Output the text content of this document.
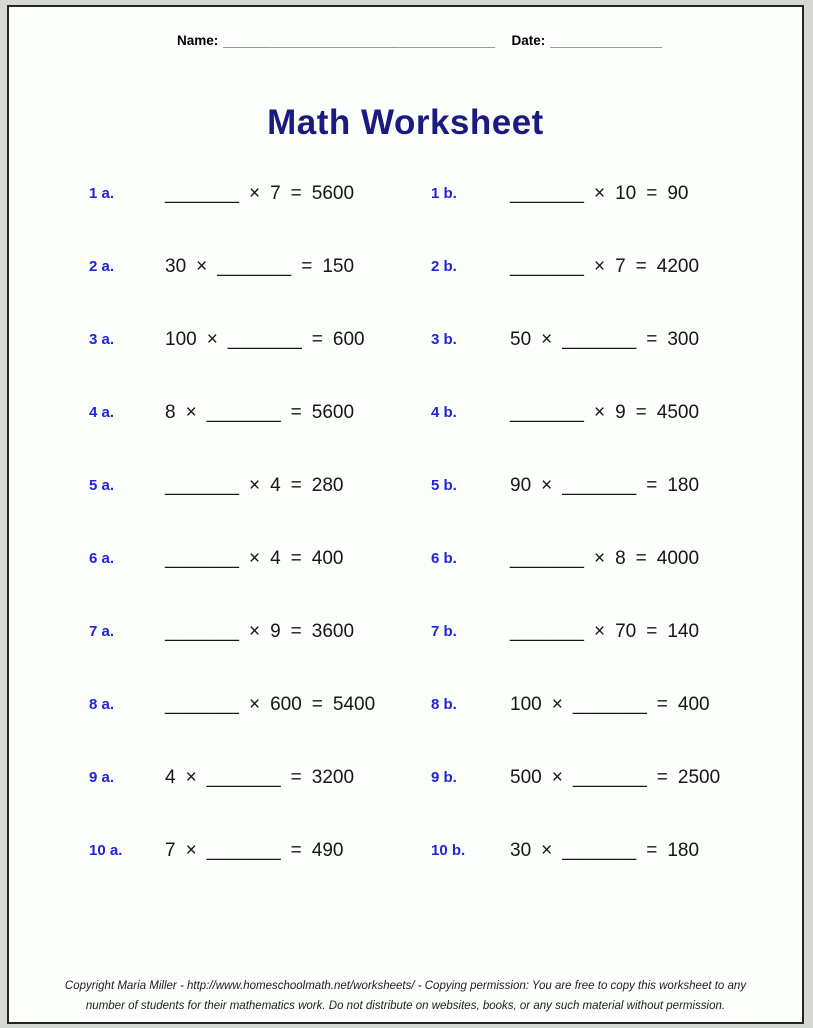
Name: __________________________________ Date: ______________
Math Worksheet
1 a.	_______ × 7 = 5600	1 b.	_______ × 10 = 90
2 a.	30 × _______ = 150	2 b.	_______ × 7 = 4200
3 a.	100 × _______ = 600	3 b.	50 × _______ = 300
4 a.	8 × _______ = 5600	4 b.	_______ × 9 = 4500
5 a.	_______ × 4 = 280	5 b.	90 × _______ = 180
6 a.	_______ × 4 = 400	6 b.	_______ × 8 = 4000
7 a.	_______ × 9 = 3600	7 b.	_______ × 70 = 140
8 a.	_______ × 600 = 5400	8 b.	100 × _______ = 400
9 a.	4 × _______ = 3200	9 b.	500 × _______ = 2500
10 a.	7 × _______ = 490	10 b.	30 × _______ = 180
Copyright Maria Miller - http://www.homeschoolmath.net/worksheets/ - Copying permission: You are free to copy this worksheet to any
number of students for their mathematics work. Do not distribute on websites, books, or any such material without permission.
